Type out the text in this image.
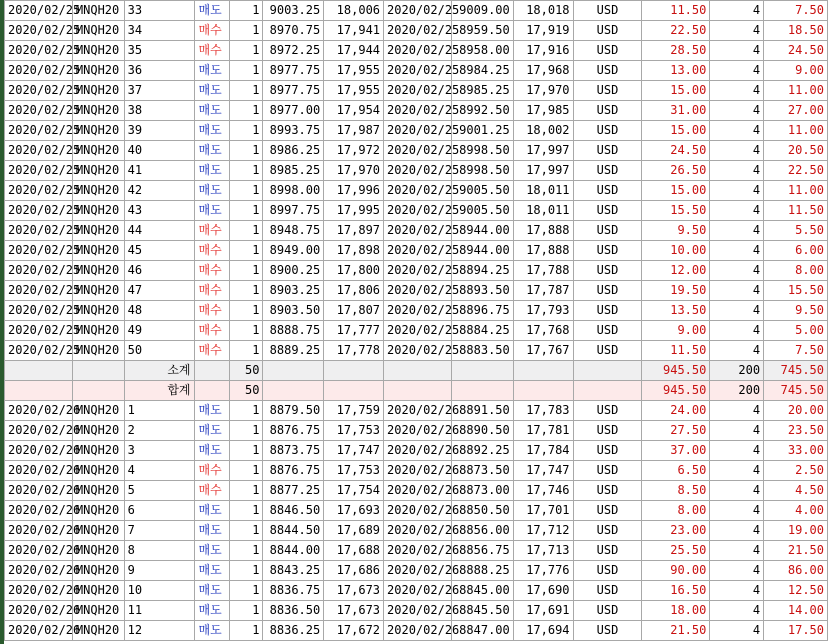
2020/02/25	MNQH20	33	매도	1	9003.25	18,006	2020/02/25	9009.00	18,018	USD	11.50	4	7.50
2020/02/25	MNQH20	34	매수	1	8970.75	17,941	2020/02/25	8959.50	17,919	USD	22.50	4	18.50
2020/02/25	MNQH20	35	매수	1	8972.25	17,944	2020/02/25	8958.00	17,916	USD	28.50	4	24.50
2020/02/25	MNQH20	36	매도	1	8977.75	17,955	2020/02/25	8984.25	17,968	USD	13.00	4	9.00
2020/02/25	MNQH20	37	매도	1	8977.75	17,955	2020/02/25	8985.25	17,970	USD	15.00	4	11.00
2020/02/25	MNQH20	38	매도	1	8977.00	17,954	2020/02/25	8992.50	17,985	USD	31.00	4	27.00
2020/02/25	MNQH20	39	매도	1	8993.75	17,987	2020/02/25	9001.25	18,002	USD	15.00	4	11.00
2020/02/25	MNQH20	40	매도	1	8986.25	17,972	2020/02/25	8998.50	17,997	USD	24.50	4	20.50
2020/02/25	MNQH20	41	매도	1	8985.25	17,970	2020/02/25	8998.50	17,997	USD	26.50	4	22.50
2020/02/25	MNQH20	42	매도	1	8998.00	17,996	2020/02/25	9005.50	18,011	USD	15.00	4	11.00
2020/02/25	MNQH20	43	매도	1	8997.75	17,995	2020/02/25	9005.50	18,011	USD	15.50	4	11.50
2020/02/25	MNQH20	44	매수	1	8948.75	17,897	2020/02/25	8944.00	17,888	USD	9.50	4	5.50
2020/02/25	MNQH20	45	매수	1	8949.00	17,898	2020/02/25	8944.00	17,888	USD	10.00	4	6.00
2020/02/25	MNQH20	46	매수	1	8900.25	17,800	2020/02/25	8894.25	17,788	USD	12.00	4	8.00
2020/02/25	MNQH20	47	매수	1	8903.25	17,806	2020/02/25	8893.50	17,787	USD	19.50	4	15.50
2020/02/25	MNQH20	48	매수	1	8903.50	17,807	2020/02/25	8896.75	17,793	USD	13.50	4	9.50
2020/02/25	MNQH20	49	매수	1	8888.75	17,777	2020/02/25	8884.25	17,768	USD	9.00	4	5.00
2020/02/25	MNQH20	50	매수	1	8889.25	17,778	2020/02/25	8883.50	17,767	USD	11.50	4	7.50
		소계		50							945.50	200	745.50
		합계		50							945.50	200	745.50
2020/02/26	MNQH20	1	매도	1	8879.50	17,759	2020/02/26	8891.50	17,783	USD	24.00	4	20.00
2020/02/26	MNQH20	2	매도	1	8876.75	17,753	2020/02/26	8890.50	17,781	USD	27.50	4	23.50
2020/02/26	MNQH20	3	매도	1	8873.75	17,747	2020/02/26	8892.25	17,784	USD	37.00	4	33.00
2020/02/26	MNQH20	4	매수	1	8876.75	17,753	2020/02/26	8873.50	17,747	USD	6.50	4	2.50
2020/02/26	MNQH20	5	매수	1	8877.25	17,754	2020/02/26	8873.00	17,746	USD	8.50	4	4.50
2020/02/26	MNQH20	6	매도	1	8846.50	17,693	2020/02/26	8850.50	17,701	USD	8.00	4	4.00
2020/02/26	MNQH20	7	매도	1	8844.50	17,689	2020/02/26	8856.00	17,712	USD	23.00	4	19.00
2020/02/26	MNQH20	8	매도	1	8844.00	17,688	2020/02/26	8856.75	17,713	USD	25.50	4	21.50
2020/02/26	MNQH20	9	매도	1	8843.25	17,686	2020/02/26	8888.25	17,776	USD	90.00	4	86.00
2020/02/26	MNQH20	10	매도	1	8836.75	17,673	2020/02/26	8845.00	17,690	USD	16.50	4	12.50
2020/02/26	MNQH20	11	매도	1	8836.50	17,673	2020/02/26	8845.50	17,691	USD	18.00	4	14.00
2020/02/26	MNQH20	12	매도	1	8836.25	17,672	2020/02/26	8847.00	17,694	USD	21.50	4	17.50
